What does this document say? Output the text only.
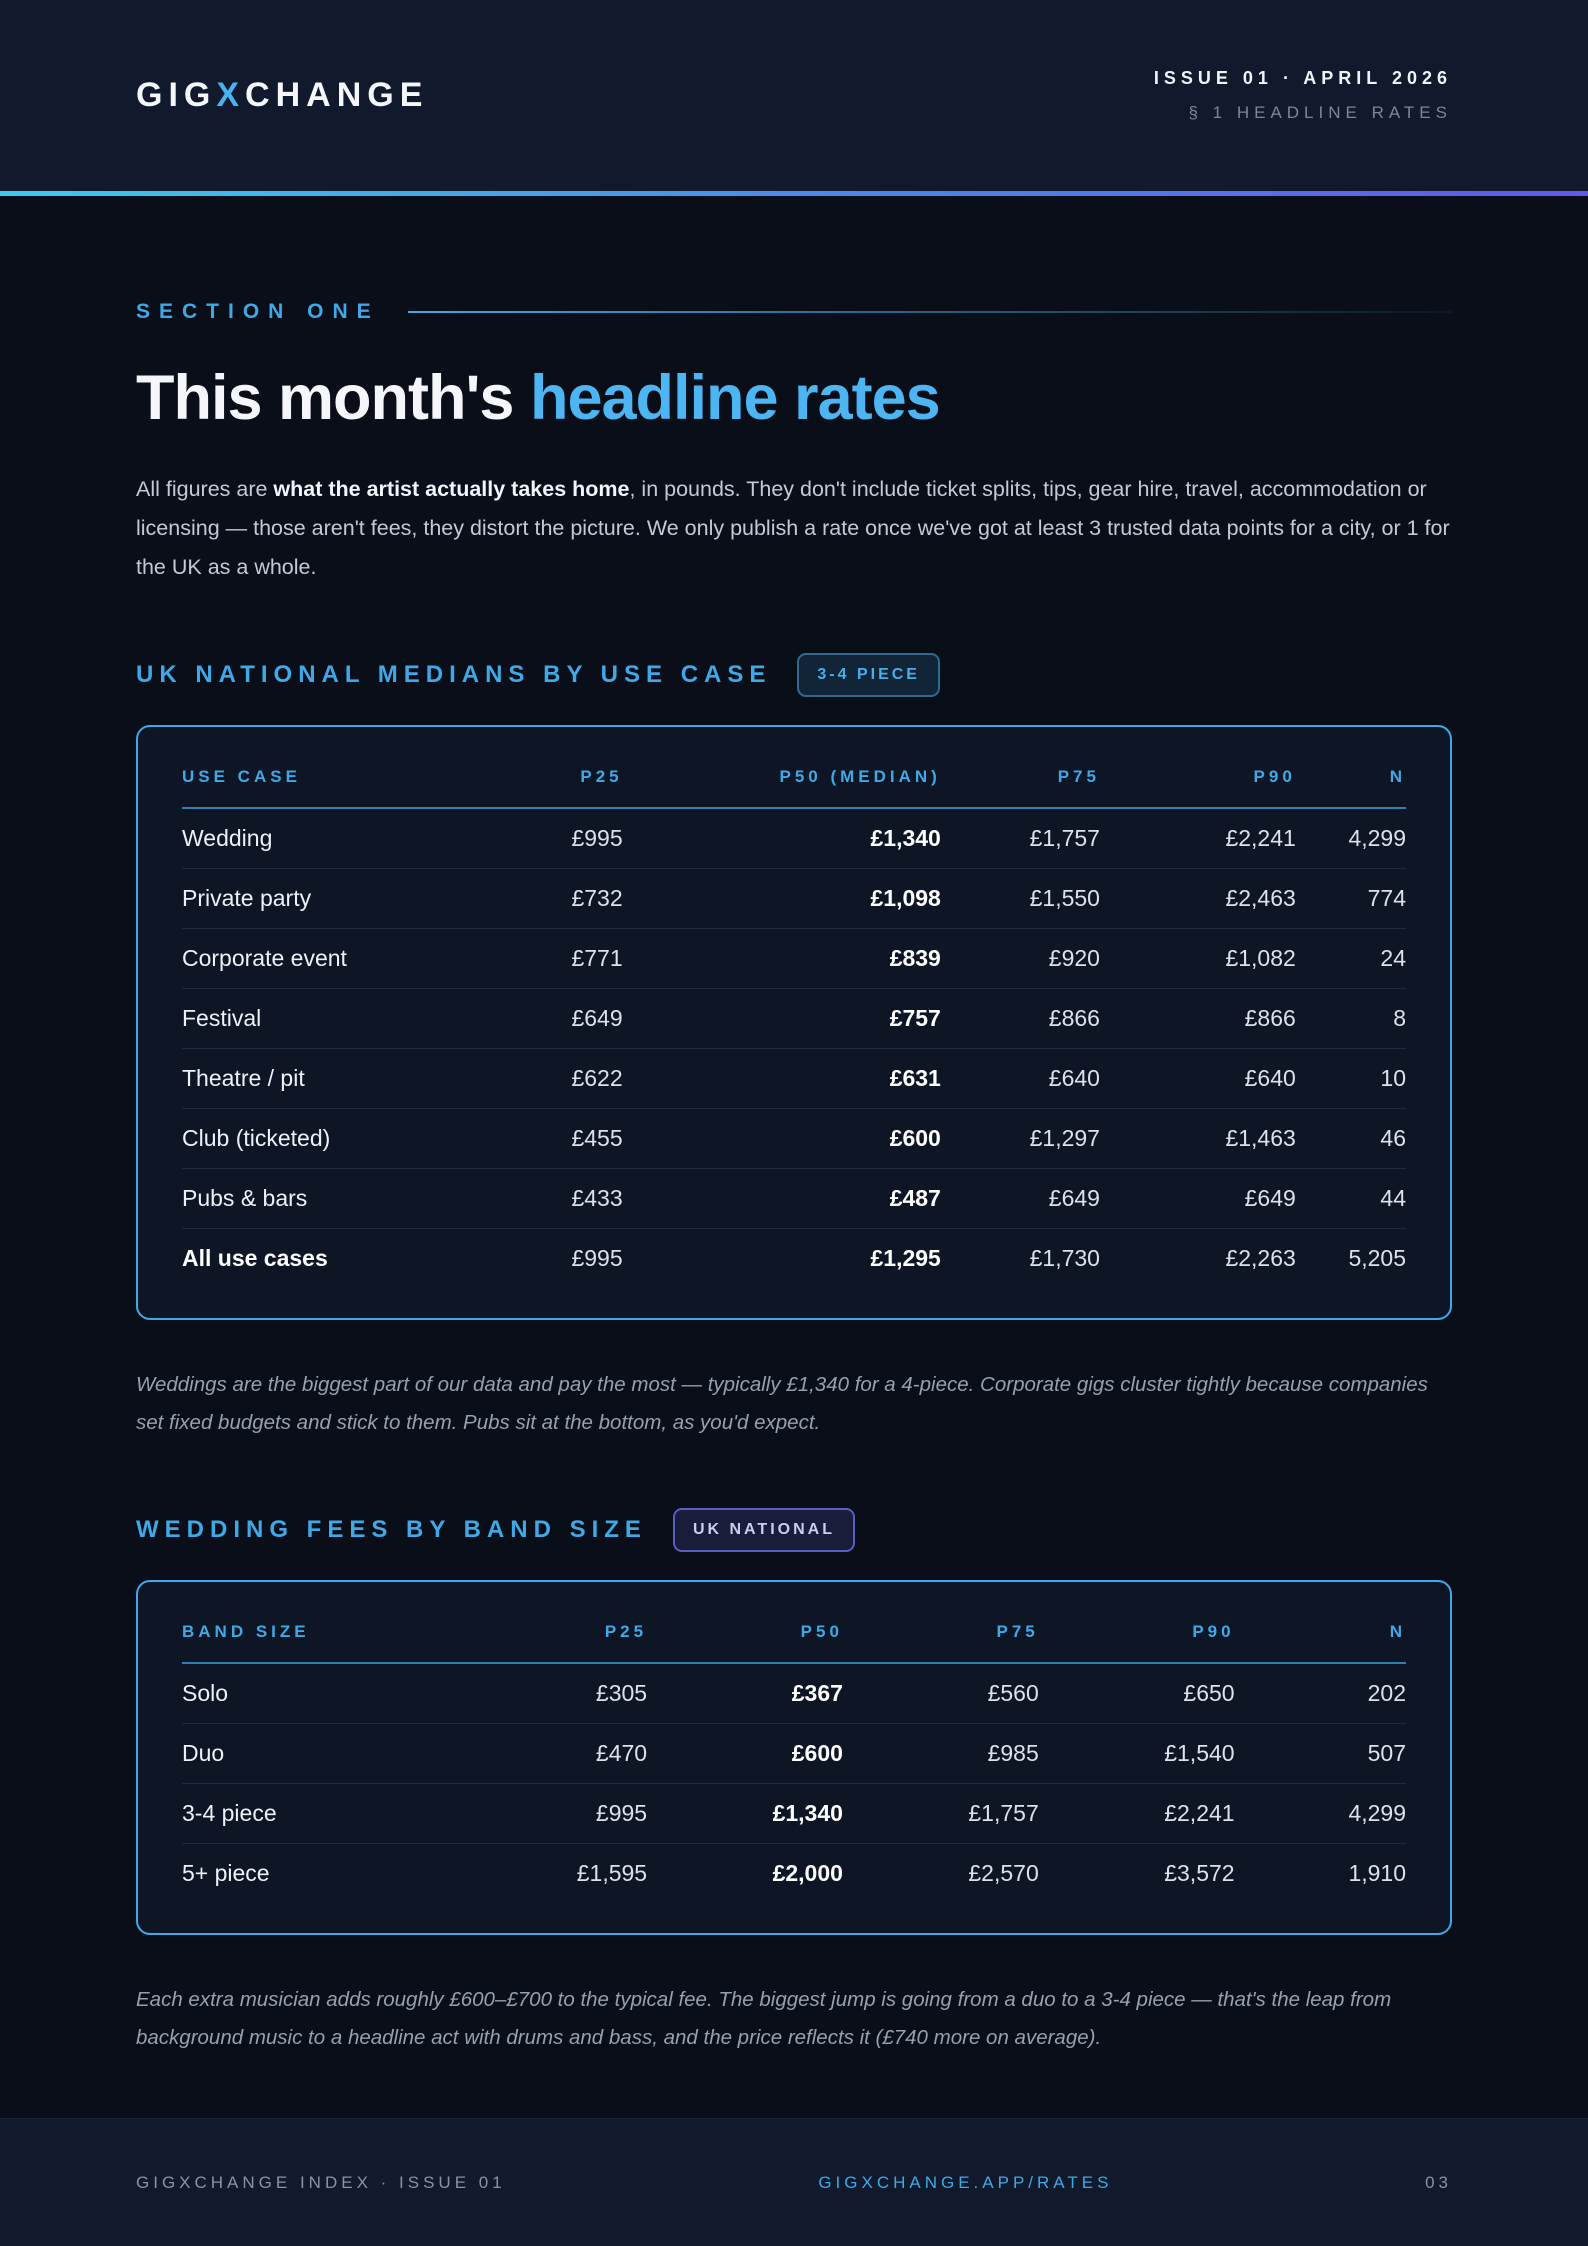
GIGXCHANGE	ISSUE 01 · APRIL 2026
§ 1 HEADLINE RATES
SECTION ONE
This month's headline rates

All figures are what the artist actually takes home, in pounds. They don't include ticket splits, tips, gear hire, travel, accommodation or licensing — those aren't fees, they distort the picture. We only publish a rate once we've got at least 3 trusted data points for a city, or 1 for the UK as a whole.

UK NATIONAL MEDIANS BY USE CASE	3-4 PIECE
USE CASE	P25	P50 (MEDIAN)	P75	P90	N
Wedding	£995	£1,340	£1,757	£2,241	4,299
Private party	£732	£1,098	£1,550	£2,463	774
Corporate event	£771	£839	£920	£1,082	24
Festival	£649	£757	£866	£866	8
Theatre / pit	£622	£631	£640	£640	10
Club (ticketed)	£455	£600	£1,297	£1,463	46
Pubs & bars	£433	£487	£649	£649	44
All use cases	£995	£1,295	£1,730	£2,263	5,205

Weddings are the biggest part of our data and pay the most — typically £1,340 for a 4-piece. Corporate gigs cluster tightly because companies set fixed budgets and stick to them. Pubs sit at the bottom, as you'd expect.

WEDDING FEES BY BAND SIZE	UK NATIONAL
BAND SIZE	P25	P50	P75	P90	N
Solo	£305	£367	£560	£650	202
Duo	£470	£600	£985	£1,540	507
3-4 piece	£995	£1,340	£1,757	£2,241	4,299
5+ piece	£1,595	£2,000	£2,570	£3,572	1,910

Each extra musician adds roughly £600–£700 to the typical fee. The biggest jump is going from a duo to a 3-4 piece — that's the leap from background music to a headline act with drums and bass, and the price reflects it (£740 more on average).

GIGXCHANGE INDEX · ISSUE 01	GIGXCHANGE.APP/RATES	03
